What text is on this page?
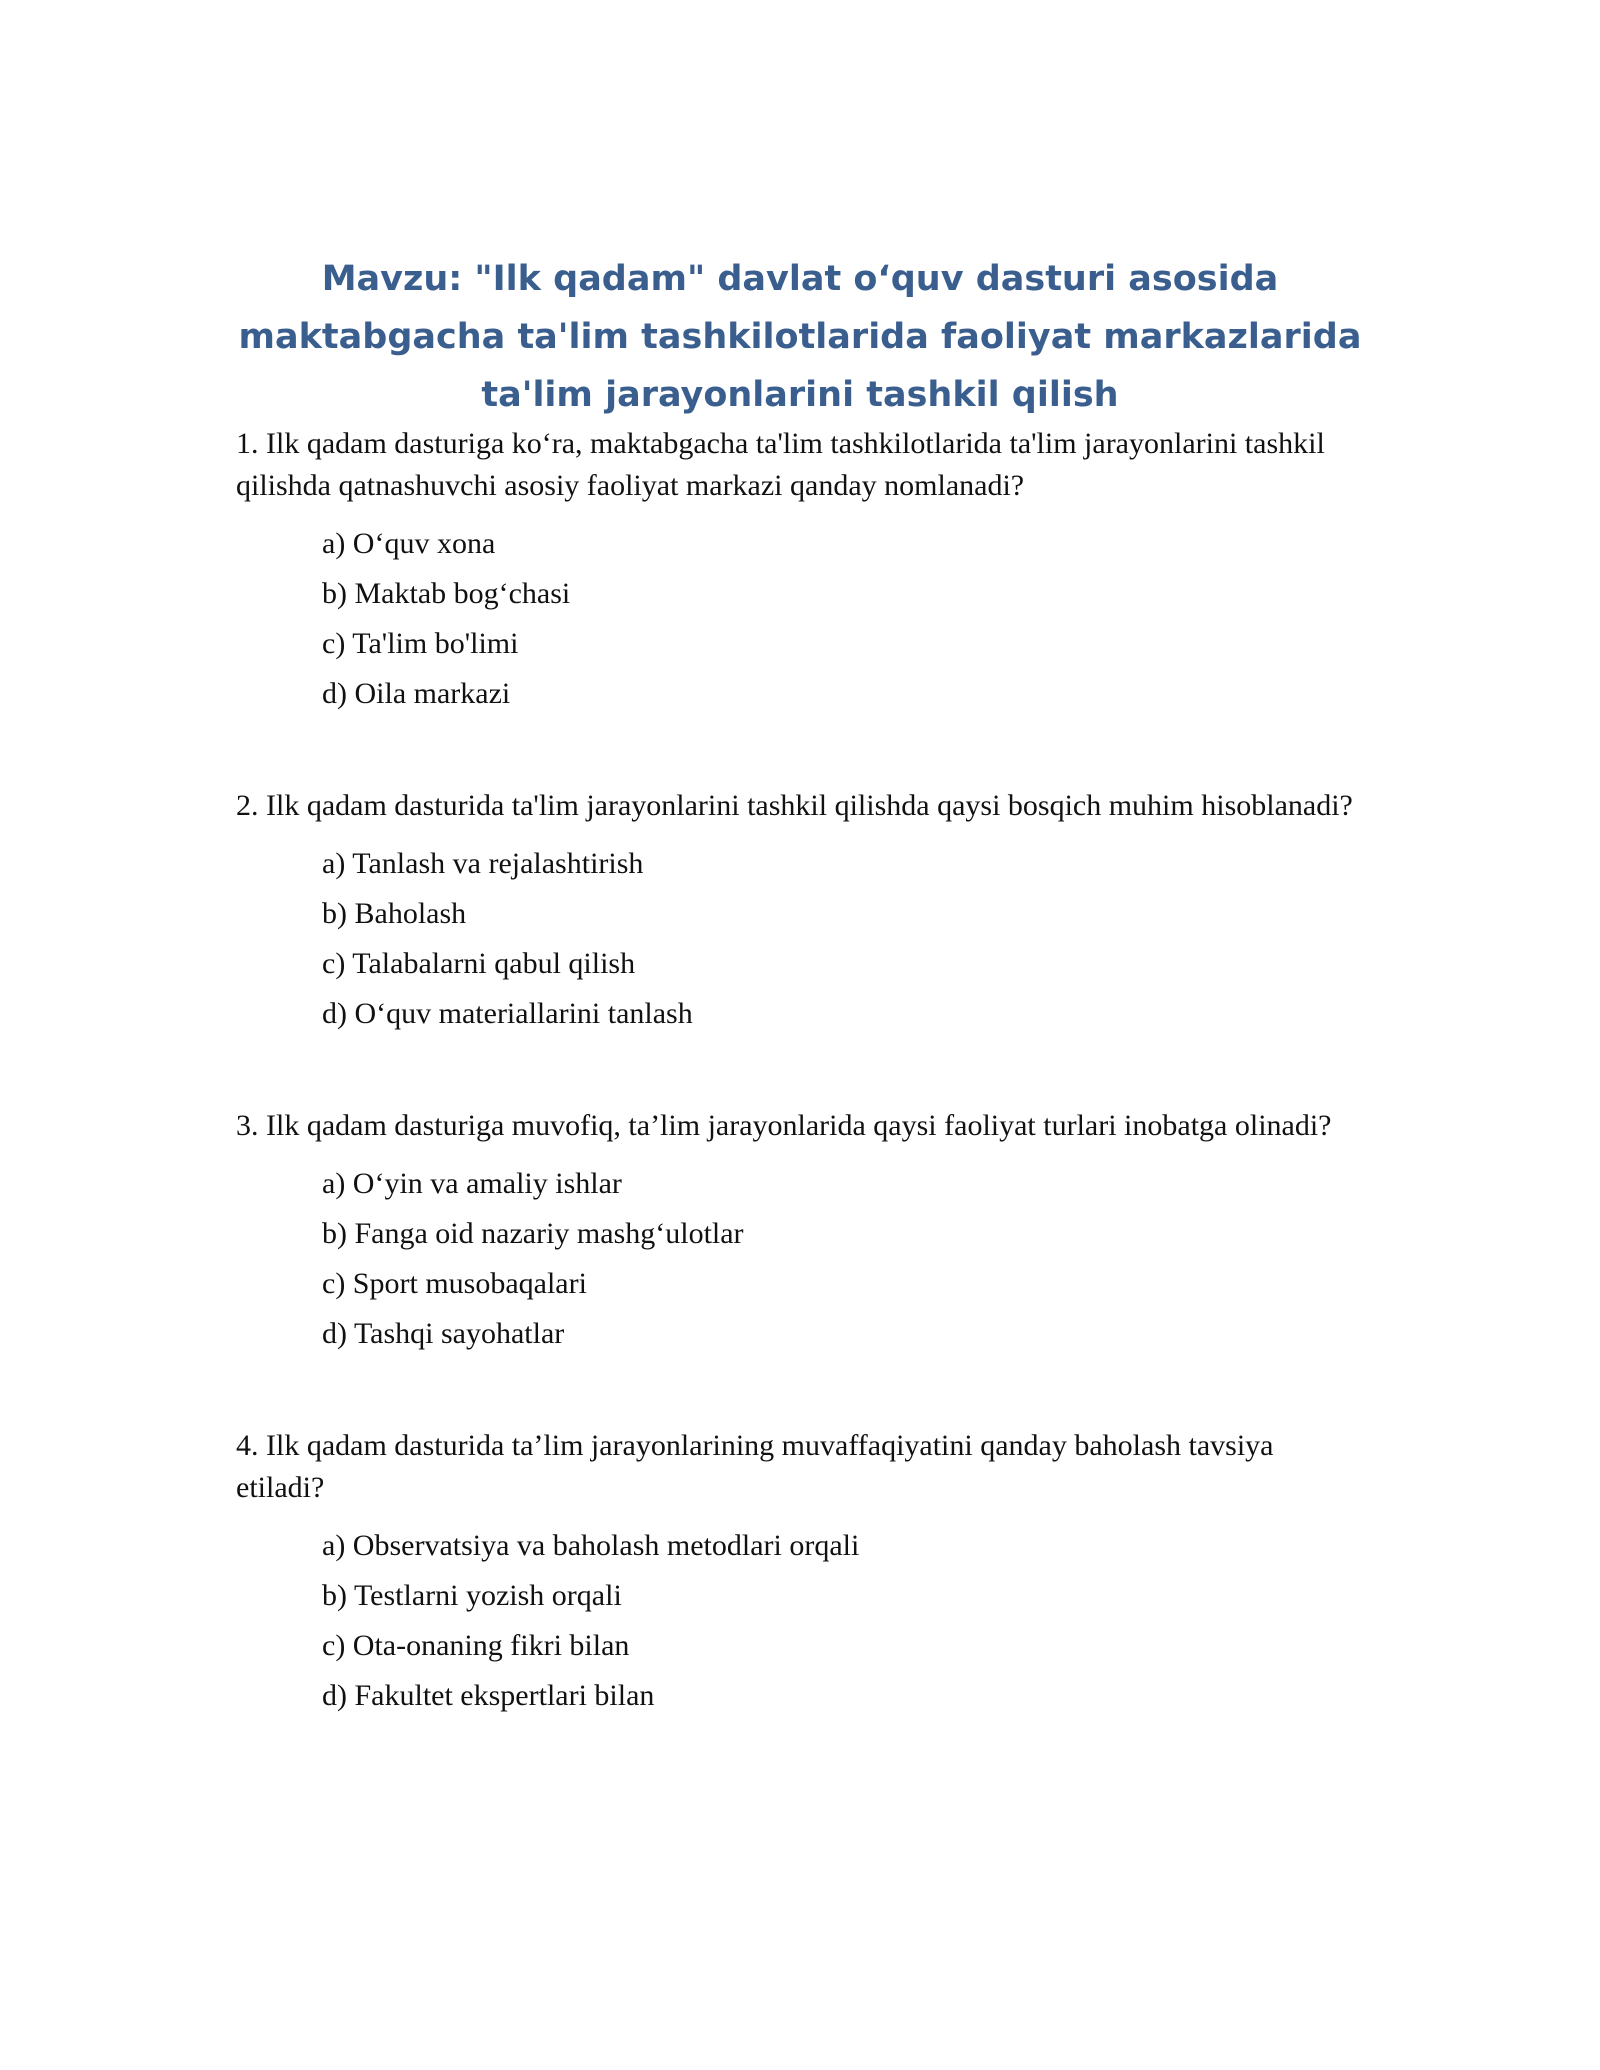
Mavzu: "Ilk qadam" davlat o‘quv dasturi asosida maktabgacha ta'lim tashkilotlarida faoliyat markazlarida ta'lim jarayonlarini tashkil qilish

1. Ilk qadam dasturiga ko‘ra, maktabgacha ta'lim tashkilotlarida ta'lim jarayonlarini tashkil qilishda qatnashuvchi asosiy faoliyat markazi qanday nomlanadi?

a) O‘quv xona
b) Maktab bog‘chasi
c) Ta'lim bo'limi
d) Oila markazi

2. Ilk qadam dasturida ta'lim jarayonlarini tashkil qilishda qaysi bosqich muhim hisoblanadi?

a) Tanlash va rejalashtirish
b) Baholash
c) Talabalarni qabul qilish
d) O‘quv materiallarini tanlash

3. Ilk qadam dasturiga muvofiq, ta’lim jarayonlarida qaysi faoliyat turlari inobatga olinadi?

a) O‘yin va amaliy ishlar
b) Fanga oid nazariy mashg‘ulotlar
c) Sport musobaqalari
d) Tashqi sayohatlar

4. Ilk qadam dasturida ta’lim jarayonlarining muvaffaqiyatini qanday baholash tavsiya etiladi?

a) Observatsiya va baholash metodlari orqali
b) Testlarni yozish orqali
c) Ota-onaning fikri bilan
d) Fakultet ekspertlari bilan
